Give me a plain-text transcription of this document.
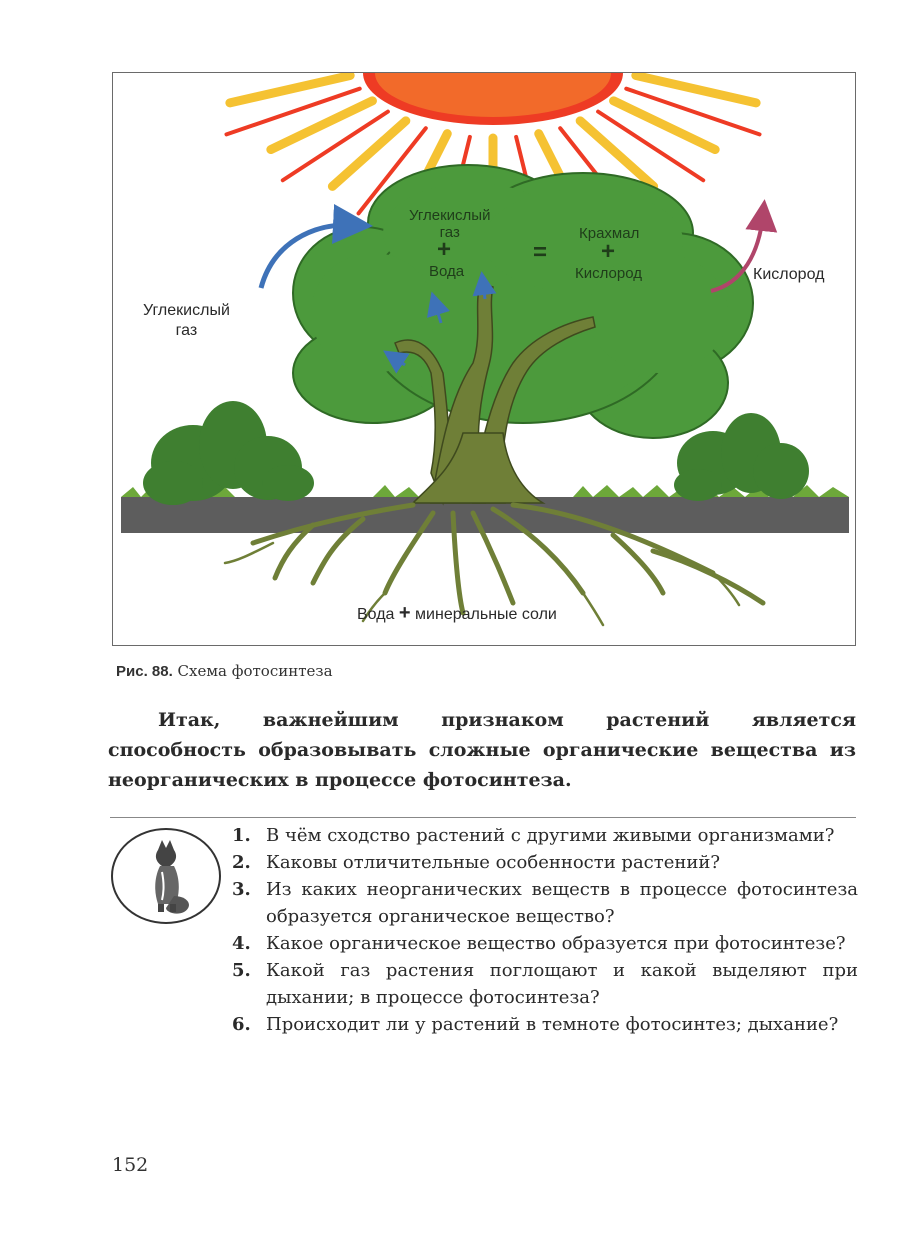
Углекислый
газ
Кислород
Вода + минеральные соли
Углекислый
газ
+
Вода
=
Крахмал
+
Кислород
Рис. 88. Схема фотосинтеза

Итак, важнейшим признаком растений является способность образовывать сложные органические вещества из неорганических в процессе фотосинтеза.

1. В чём сходство растений с другими живыми организмами?
2. Каковы отличительные особенности растений?
3. Из каких неорганических веществ в процессе фотосинтеза образуется органическое вещество?
4. Какое органическое вещество образуется при фотосинтезе?
5. Какой газ растения поглощают и какой выделяют при дыхании; в процессе фотосинтеза?
6. Происходит ли у растений в темноте фотосинтез; дыхание?
152
